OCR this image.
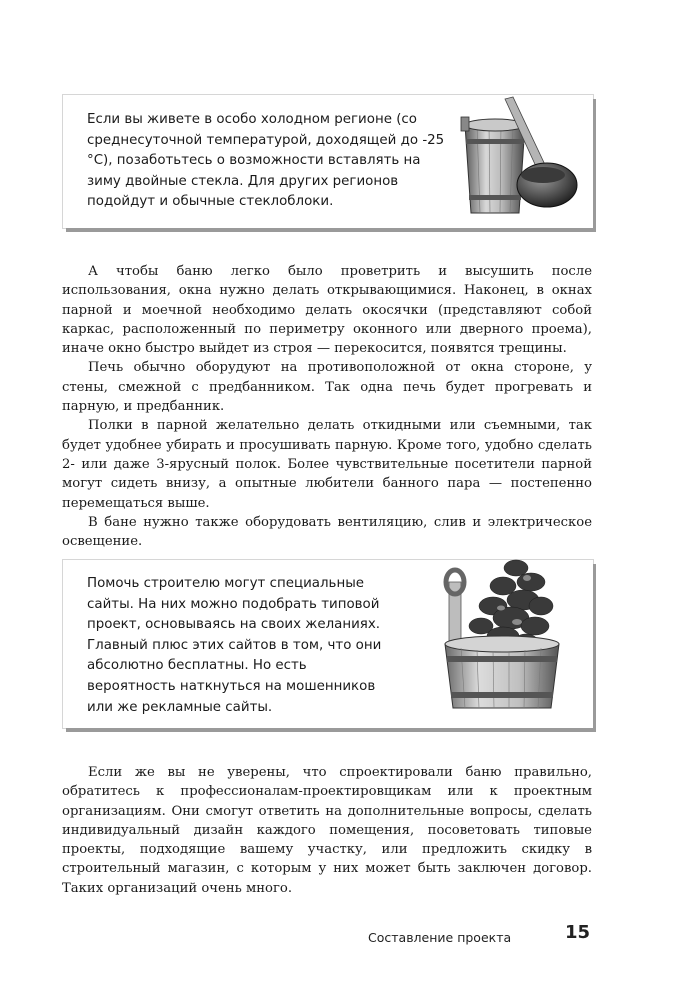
Если вы живете в особо холодном регионе (со среднесуточной температурой, доходящей до -25 °C), позаботьтесь о возможности вставлять на зиму двойные стекла. Для других регионов подойдут и обычные стеклоблоки.

А чтобы баню легко было проветрить и высушить после использования, окна нужно делать открывающимися. Наконец, в окнах парной и моечной необходимо делать окосячки (представляют собой каркас, расположенный по периметру оконного или дверного проема), иначе окно быстро выйдет из строя — перекосится, появятся трещины.

Печь обычно оборудуют на противоположной от окна стороне, у стены, смежной с предбанником. Так одна печь будет прогревать и парную, и предбанник.

Полки в парной желательно делать откидными или съемными, так будет удобнее убирать и просушивать парную. Кроме того, удобно сделать 2- или даже 3-ярусный полок. Более чувствительные посетители парной могут сидеть внизу, а опытные любители банного пара — постепенно перемещаться выше.

В бане нужно также оборудовать вентиляцию, слив и электрическое освещение.

Помочь строителю могут специальные сайты. На них можно подобрать типовой проект, основываясь на своих желаниях. Главный плюс этих сайтов в том, что они абсолютно бесплатны. Но есть вероятность наткнуться на мошенников или же рекламные сайты.

Если же вы не уверены, что спроектировали баню правильно, обратитесь к профессионалам-проектировщикам или к проектным организациям. Они смогут ответить на дополнительные вопросы, сделать индивидуальный дизайн каждого помещения, посоветовать типовые проекты, подходящие вашему участку, или предложить скидку в строительный магазин, с которым у них может быть заключен договор. Таких организаций очень много.

Составление проекта	15
